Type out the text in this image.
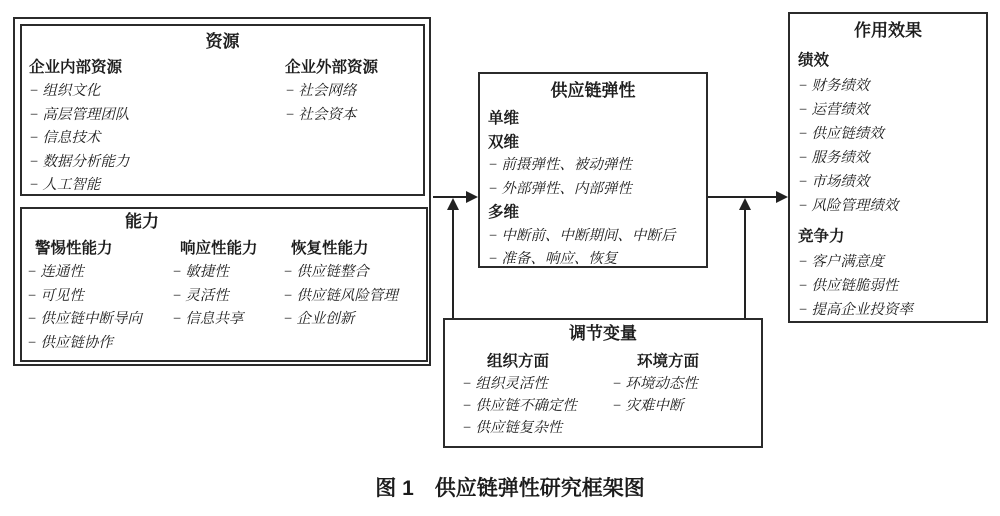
资源
企业内部资源
− 组织文化
− 高层管理团队
− 信息技术
− 数据分析能力
− 人工智能
企业外部资源
− 社会网络
− 社会资本
能力
警惕性能力
− 连通性
− 可见性
− 供应链中断导向
− 供应链协作
响应性能力
− 敏捷性
− 灵活性
− 信息共享
恢复性能力
− 供应链整合
− 供应链风险管理
− 企业创新
供应链弹性
单维
双维
− 前摄弹性、被动弹性
− 外部弹性、内部弹性
多维
− 中断前、中断期间、中断后
− 准备、响应、恢复
调节变量
组织方面
− 组织灵活性
− 供应链不确定性
− 供应链复杂性
环境方面
− 环境动态性
− 灾难中断
作用效果
绩效
− 财务绩效
− 运营绩效
− 供应链绩效
− 服务绩效
− 市场绩效
− 风险管理绩效
竞争力
− 客户满意度
− 供应链脆弱性
− 提高企业投资率
图 1　供应链弹性研究框架图
